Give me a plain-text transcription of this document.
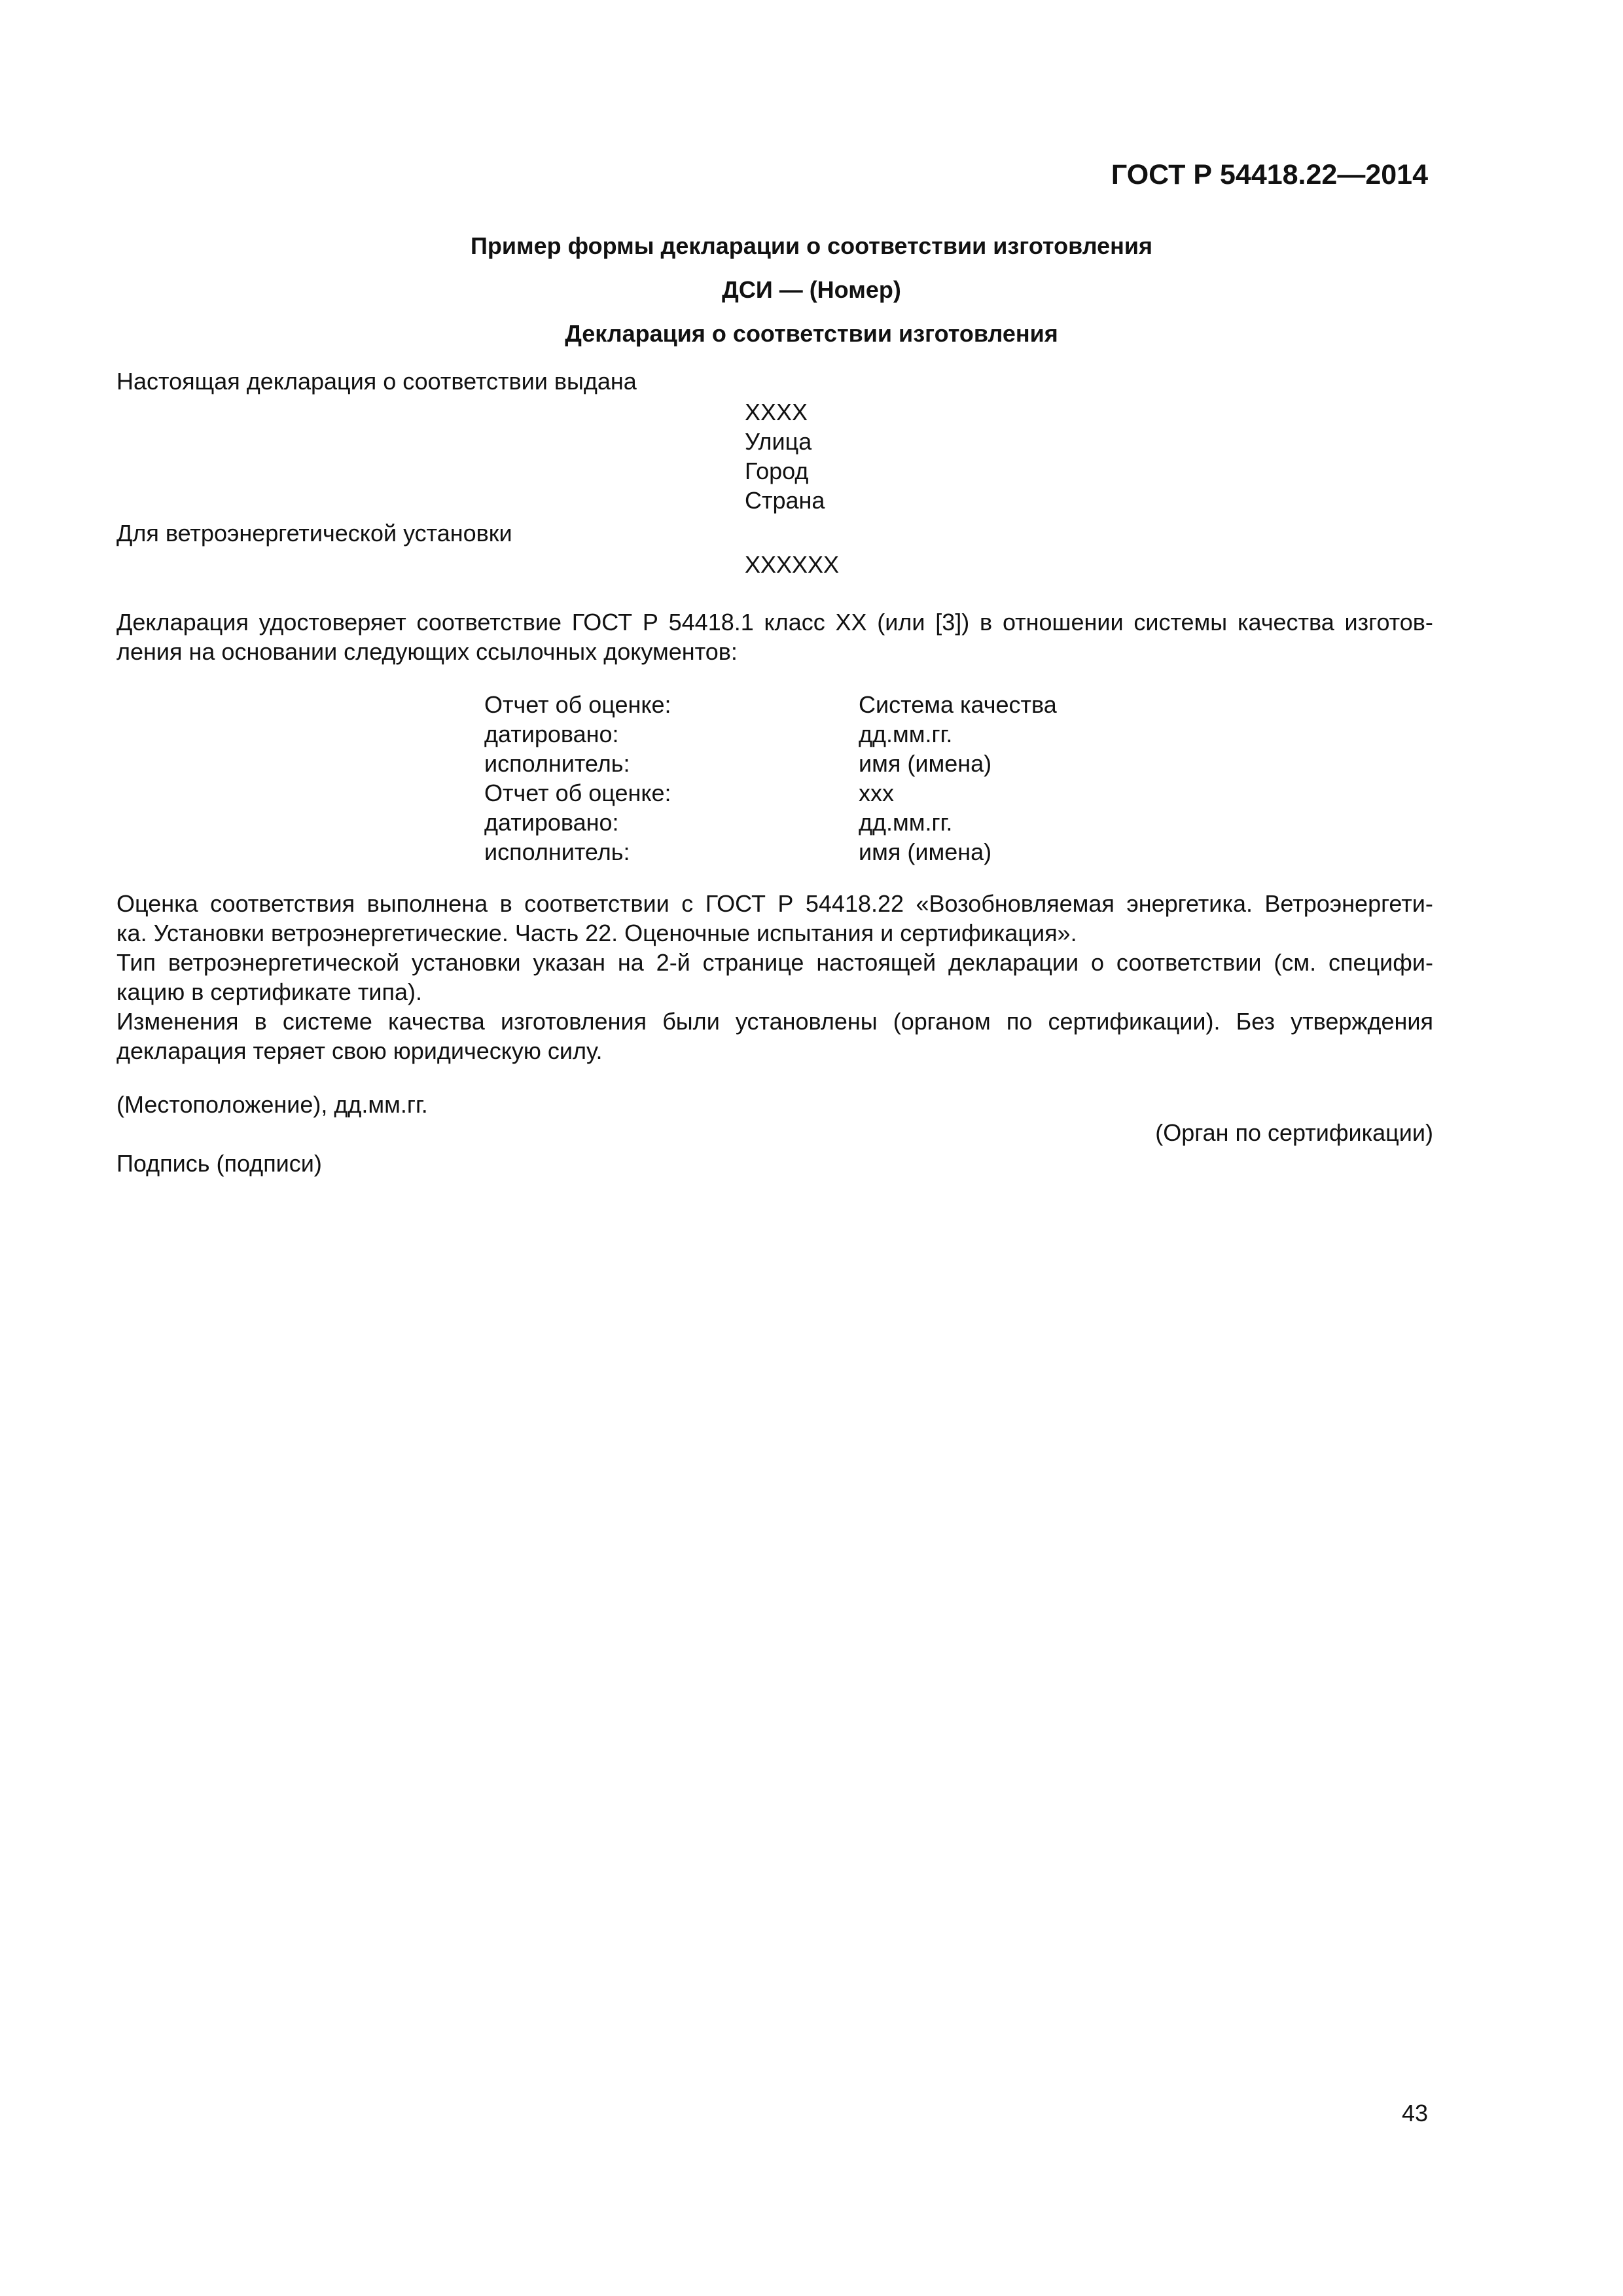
ГОСТ Р 54418.22—2014
Пример формы декларации о соответствии изготовления
ДСИ — (Номер)
Декларация о соответствии изготовления
Настоящая декларация о соответствии выдана
XXXX
Улица
Город
Страна
Для ветроэнергетической установки
XXXXXX
Декларация удостоверяет соответствие ГОСТ Р 54418.1 класс XX (или [3]) в отношении системы качества изготов-
ления на основании следующих ссылочных документов:
Отчет об оценке:	Система качества
датировано:	дд.мм.гг.
исполнитель:	имя (имена)
Отчет об оценке:	xxx
датировано:	дд.мм.гг.
исполнитель:	имя (имена)
Оценка соответствия выполнена в соответствии с ГОСТ Р 54418.22 «Возобновляемая энергетика. Ветроэнергети-
ка. Установки ветроэнергетические. Часть 22. Оценочные испытания и сертификация».
Тип ветроэнергетической установки указан на 2-й странице настоящей декларации о соответствии (см. специфи-
кацию в сертификате типа).
Изменения в системе качества изготовления были установлены (органом по сертификации). Без утверждения
декларация теряет свою юридическую силу.
(Местоположение), дд.мм.гг.
(Орган по сертификации)
Подпись (подписи)
43
